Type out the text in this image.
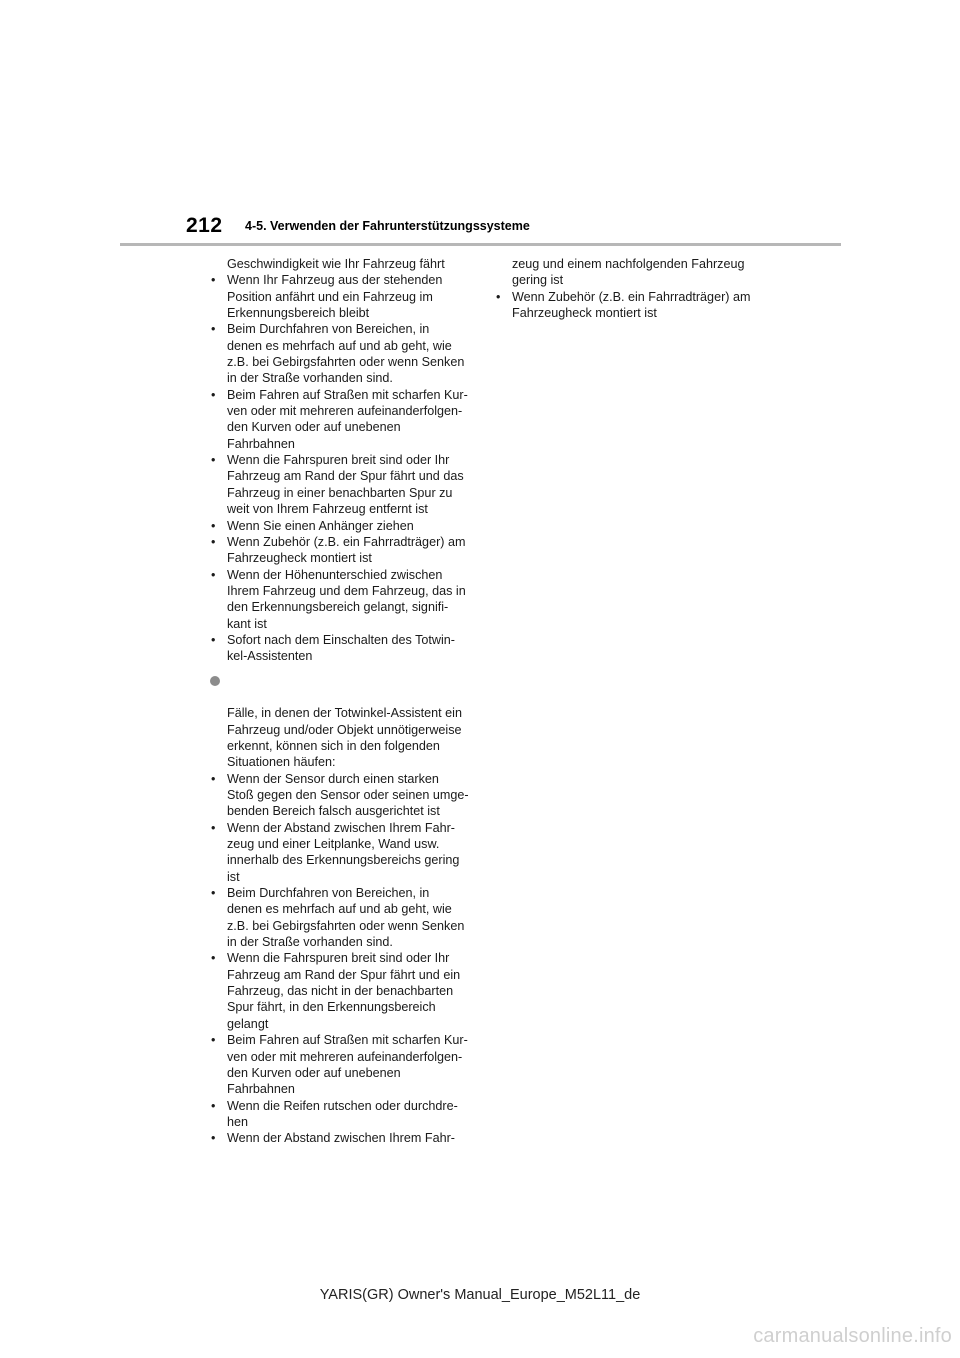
212 4-5. Verwenden der Fahrunterstützungssysteme
Geschwindigkeit wie Ihr Fahrzeug fährt
• Wenn Ihr Fahrzeug aus der stehenden
Position anfährt und ein Fahrzeug im
Erkennungsbereich bleibt
• Beim Durchfahren von Bereichen, in
denen es mehrfach auf und ab geht, wie
z.B. bei Gebirgsfahrten oder wenn Senken
in der Straße vorhanden sind.
• Beim Fahren auf Straßen mit scharfen Kur-
ven oder mit mehreren aufeinanderfolgen-
den Kurven oder auf unebenen
Fahrbahnen
• Wenn die Fahrspuren breit sind oder Ihr
Fahrzeug am Rand der Spur fährt und das
Fahrzeug in einer benachbarten Spur zu
weit von Ihrem Fahrzeug entfernt ist
• Wenn Sie einen Anhänger ziehen
• Wenn Zubehör (z.B. ein Fahrradträger) am
Fahrzeugheck montiert ist
• Wenn der Höhenunterschied zwischen
Ihrem Fahrzeug und dem Fahrzeug, das in
den Erkennungsbereich gelangt, signifi-
kant ist
• Sofort nach dem Einschalten des Totwin-
kel-Assistenten

Fälle, in denen der Totwinkel-Assistent ein
Fahrzeug und/oder Objekt unnötigerweise
erkennt, können sich in den folgenden
Situationen häufen:

• Wenn der Sensor durch einen starken
Stoß gegen den Sensor oder seinen umge-
benden Bereich falsch ausgerichtet ist
• Wenn der Abstand zwischen Ihrem Fahr-
zeug und einer Leitplanke, Wand usw.
innerhalb des Erkennungsbereichs gering
ist
• Beim Durchfahren von Bereichen, in
denen es mehrfach auf und ab geht, wie
z.B. bei Gebirgsfahrten oder wenn Senken
in der Straße vorhanden sind.
• Wenn die Fahrspuren breit sind oder Ihr
Fahrzeug am Rand der Spur fährt und ein
Fahrzeug, das nicht in der benachbarten
Spur fährt, in den Erkennungsbereich
gelangt
• Beim Fahren auf Straßen mit scharfen Kur-
ven oder mit mehreren aufeinanderfolgen-
den Kurven oder auf unebenen
Fahrbahnen
• Wenn die Reifen rutschen oder durchdre-
hen
• Wenn der Abstand zwischen Ihrem Fahr-
zeug und einem nachfolgenden Fahrzeug
gering ist
• Wenn Zubehör (z.B. ein Fahrradträger) am
Fahrzeugheck montiert ist
YARIS(GR) Owner's Manual_Europe_M52L11_de
carmanualsonline.info
